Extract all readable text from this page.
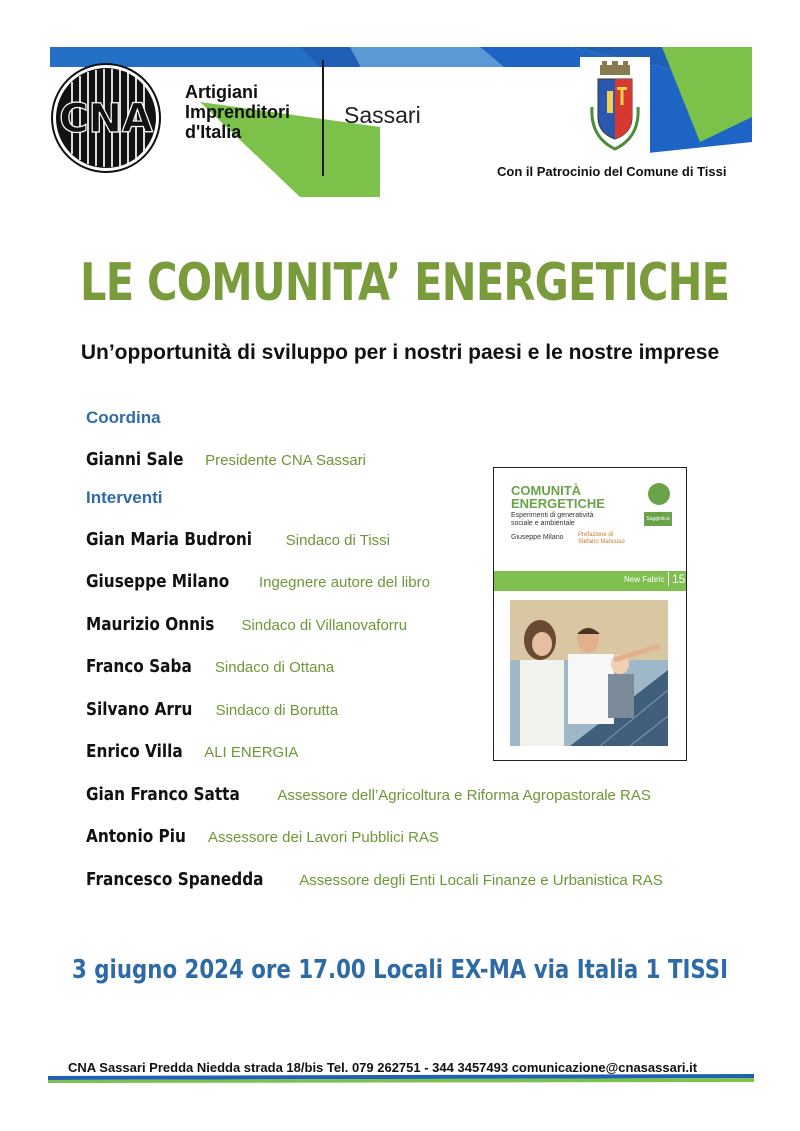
CNA
Artigiani
Imprenditori
d'Italia
Sassari
Con il Patrocinio del Comune di Tissi
LE COMUNITA’ ENERGETICHE
Un’opportunità di sviluppo per i nostri paesi e le nostre imprese
Coordina
Gianni Sale Presidente CNA Sassari
Interventi
Gian Maria Budroni Sindaco di Tissi
Giuseppe Milano Ingegnere autore del libro
Maurizio Onnis Sindaco di Villanovaforru
Franco Saba Sindaco di Ottana
Silvano Arru Sindaco di Borutta
Enrico Villa ALI ENERGIA
Gian Franco Satta	Assessore dell’Agricoltura e Riforma Agropastorale RAS
Antonio Piu Assessore dei Lavori Pubblici RAS
Francesco Spanedda Assessore degli Enti Locali Finanze e Urbanistica RAS
COMUNITÀ
ENERGETICHE
Esperimenti di generatività
sociale e ambientale
Giuseppe Milano Prefazione di
Stefano Mancuso
Saggistica
New Fabric 15
3 giugno 2024 ore 17.00 Locali EX-MA via Italia 1 TISSI
CNA Sassari Predda Niedda strada 18/bis Tel. 079 262751 - 344 3457493 comunicazione@cnasassari.it
